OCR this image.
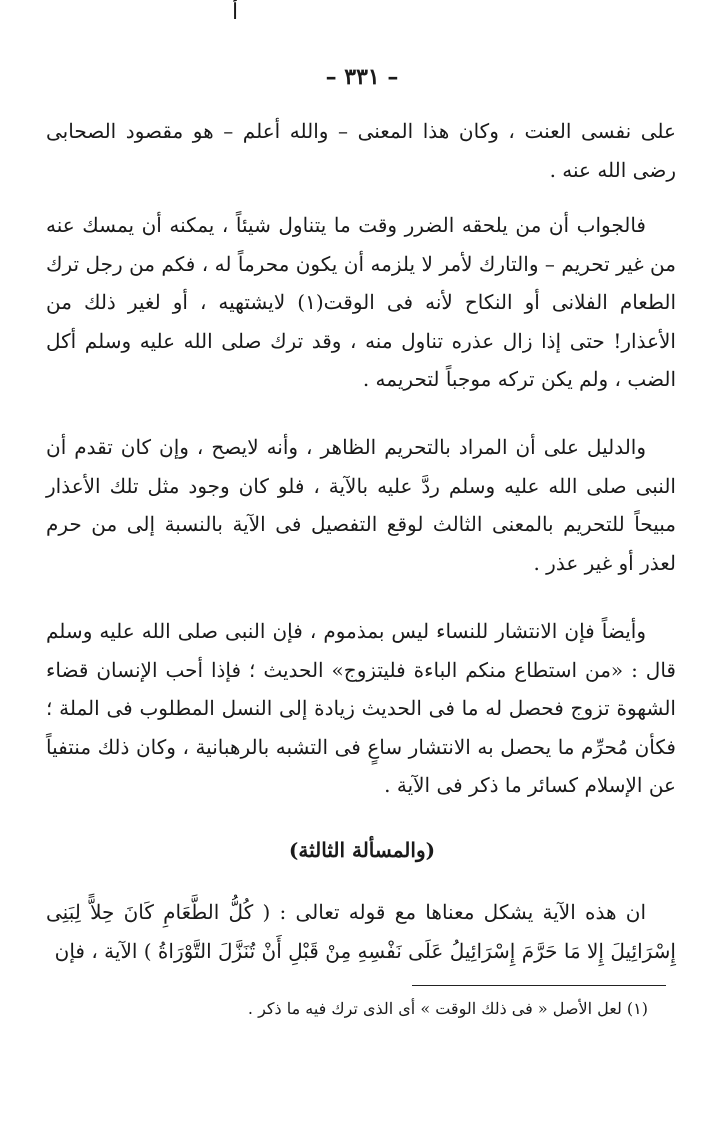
أ
– ٣٣١ –

على نفسى العنت ، وكان هذا المعنى – والله أعلم – هو مقصود الصحابى رضى الله عنه .

فالجواب أن من يلحقه الضرر وقت ما يتناول شيئاً ، يمكنه أن يمسك عنه من غير تحريم – والتارك لأمر لا يلزمه أن يكون محرماً له ، فكم من رجل ترك الطعام الفلانى أو النكاح لأنه فى الوقت(١) لايشتهيه ، أو لغير ذلك من الأعذار! حتى إذا زال عذره تناول منه ، وقد ترك صلى الله عليه وسلم أكل الضب ، ولم يكن تركه موجباً لتحريمه .

والدليل على أن المراد بالتحريم الظاهر ، وأنه لايصح ، وإن كان تقدم أن النبى صلى الله عليه وسلم ردَّ عليه بالآية ، فلو كان وجود مثل تلك الأعذار مبيحاً للتحريم بالمعنى الثالث لوقع التفصيل فى الآية بالنسبة إلى من حرم لعذر أو غير عذر .

وأيضاً فإن الانتشار للنساء ليس بمذموم ، فإن النبى صلى الله عليه وسلم قال : «من استطاع منكم الباءة فليتزوج» الحديث ؛ فإذا أحب الإنسان قضاء الشهوة تزوج فحصل له ما فى الحديث زيادة إلى النسل المطلوب فى الملة ؛ فكأن مُحرِّم ما يحصل به الانتشار ساعٍ فى التشبه بالرهبانية ، وكان ذلك منتفياً عن الإسلام كسائر ما ذكر فى الآية .

(والمسألة الثالثة)

ان هذه الآية يشكل معناها مع قوله تعالى : ( كُلُّ الطَّعَامِ كَانَ حِلاًّ لِبَنِى إِسْرَائِيلَ إِلا مَا حَرَّمَ إِسْرَائِيلُ عَلَى نَفْسِهِ مِنْ قَبْلِ أَنْ تُنَزَّلَ التَّوْرَاةُ ) الآية ، فإن

(١) لعل الأصل « فى ذلك الوقت » أى الذى ترك فيه ما ذكر .
